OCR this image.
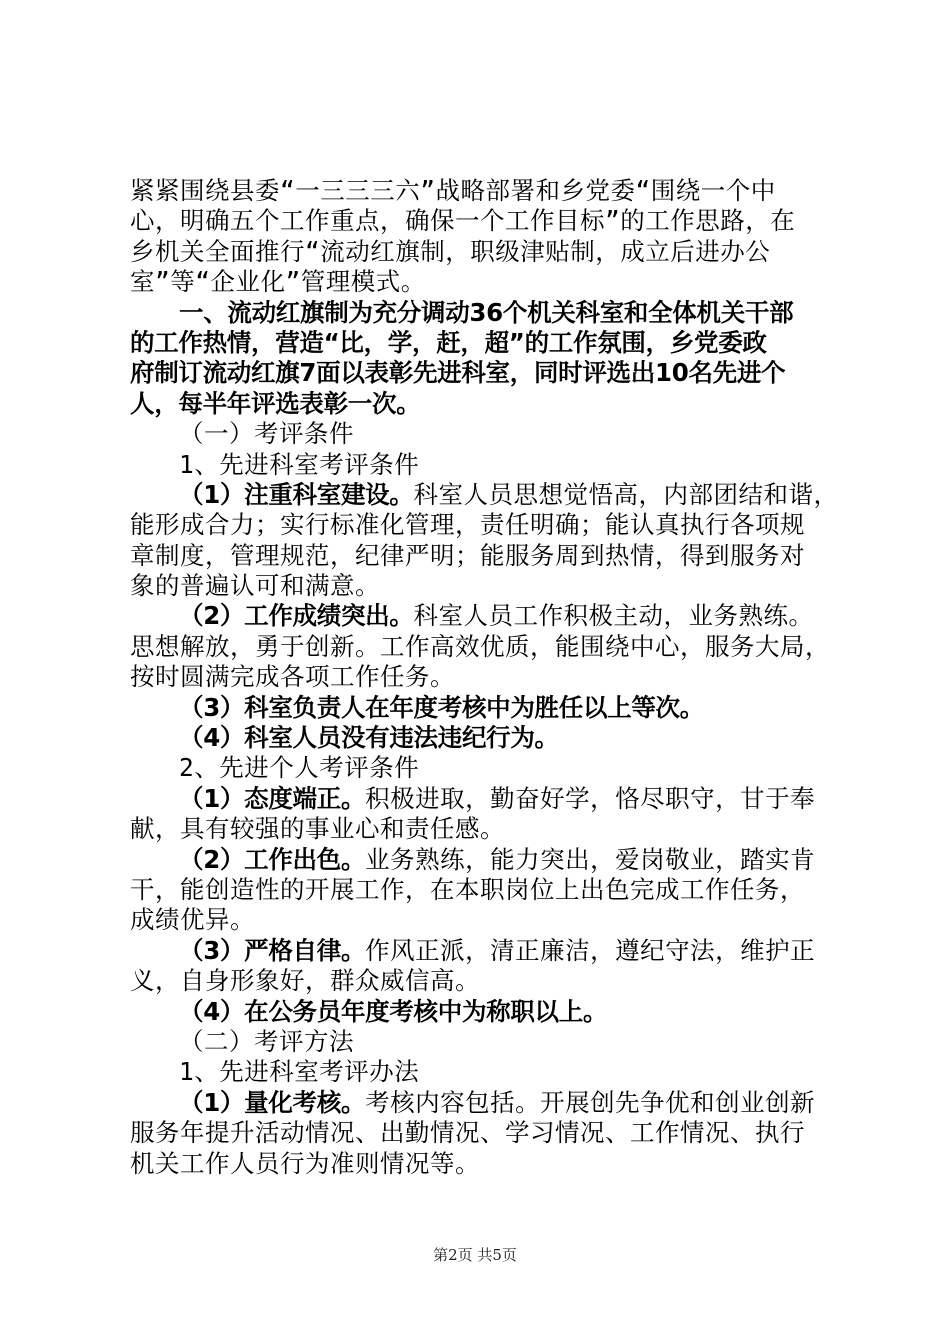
紧紧围绕县委“一三三三六”战略部署和乡党委“围绕一个中
心，明确五个工作重点，确保一个工作目标”的工作思路，在
乡机关全面推行“流动红旗制，职级津贴制，成立后进办公
室”等“企业化”管理模式。
一、流动红旗制为充分调动36个机关科室和全体机关干部
的工作热情，营造“比，学，赶，超”的工作氛围，乡党委政
府制订流动红旗7面以表彰先进科室，同时评选出10名先进个
人，每半年评选表彰一次。
（一）考评条件
1、先进科室考评条件
（1）注重科室建设。科室人员思想觉悟高，内部团结和谐，
能形成合力；实行标准化管理，责任明确；能认真执行各项规
章制度，管理规范，纪律严明；能服务周到热情，得到服务对
象的普遍认可和满意。
（2）工作成绩突出。科室人员工作积极主动，业务熟练。
思想解放，勇于创新。工作高效优质，能围绕中心，服务大局，
按时圆满完成各项工作任务。
（3）科室负责人在年度考核中为胜任以上等次。
（4）科室人员没有违法违纪行为。
2、先进个人考评条件
（1）态度端正。积极进取，勤奋好学，恪尽职守，甘于奉
献，具有较强的事业心和责任感。
（2）工作出色。业务熟练，能力突出，爱岗敬业，踏实肯
干，能创造性的开展工作，在本职岗位上出色完成工作任务，
成绩优异。
（3）严格自律。作风正派，清正廉洁，遵纪守法，维护正
义，自身形象好，群众威信高。
（4）在公务员年度考核中为称职以上。
（二）考评方法
1、先进科室考评办法
（1）量化考核。考核内容包括。开展创先争优和创业创新
服务年提升活动情况、出勤情况、学习情况、工作情况、执行
机关工作人员行为准则情况等。
第2页 共5页
